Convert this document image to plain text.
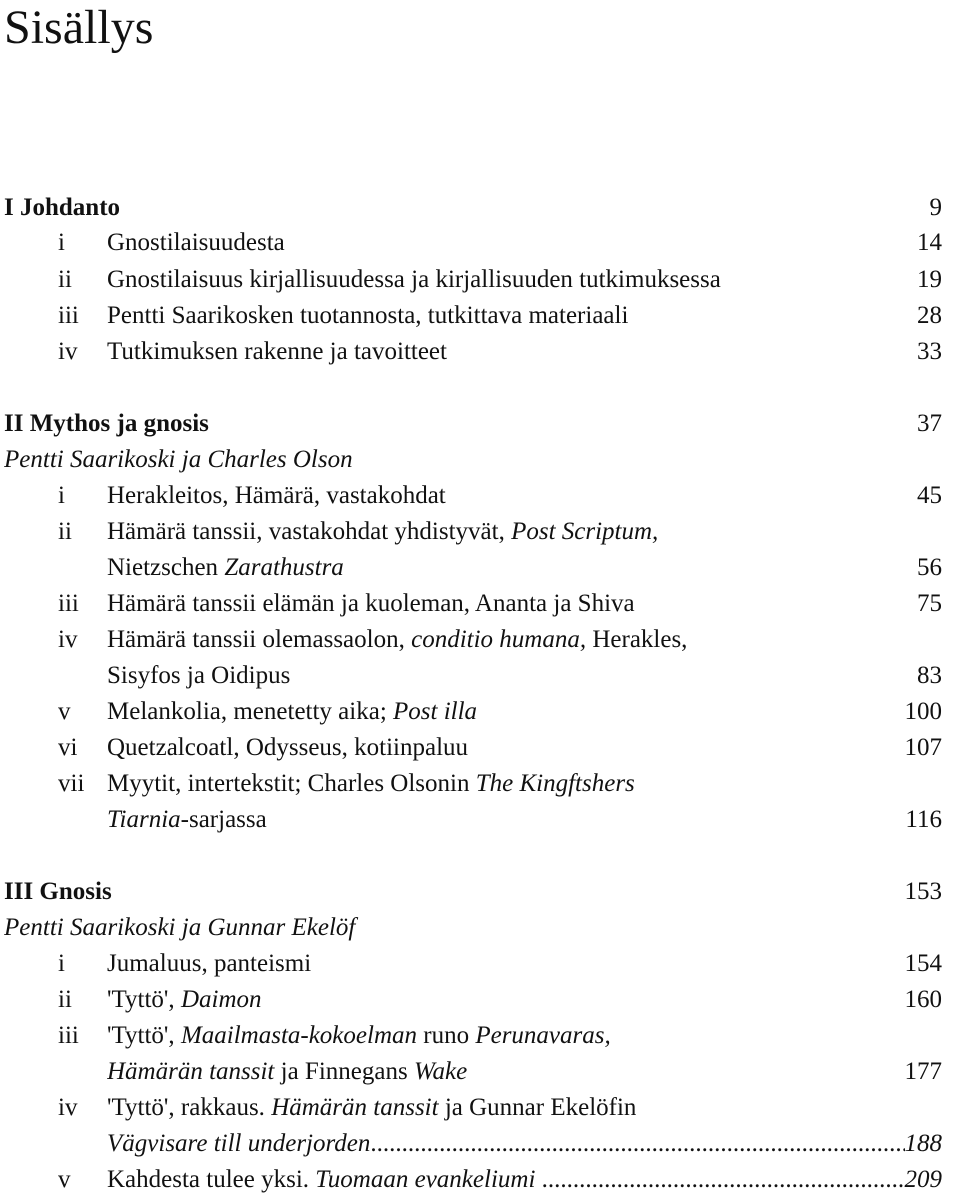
Sisällys
I Johdanto	9
i Gnostilaisuudesta	14
ii Gnostilaisuus kirjallisuudessa ja kirjallisuuden tutkimuksessa	19
iii Pentti Saarikosken tuotannosta, tutkittava materiaali	28
iv Tutkimuksen rakenne ja tavoitteet	33
II Mythos ja gnosis	37
Pentti Saarikoski ja Charles Olson
i Herakleitos, Hämärä, vastakohdat	45
ii Hämärä tanssii, vastakohdat yhdistyvät, Post Scriptum,
Nietzschen Zarathustra	56
iii Hämärä tanssii elämän ja kuoleman, Ananta ja Shiva	75
iv Hämärä tanssii olemassaolon, conditio humana, Herakles,
Sisyfos ja Oidipus	83
v Melankolia, menetetty aika; Post illa	100
vi Quetzalcoatl, Odysseus, kotiinpaluu	107
vii Myytit, intertekstit; Charles Olsonin The Kingftshers
Tiarnia-sarjassa	116
III Gnosis	153
Pentti Saarikoski ja Gunnar Ekelöf
i Jumaluus, panteismi	154
ii 'Tyttö', Daimon	160
iii 'Tyttö', Maailmasta-kokoelman runo Perunavaras,
Hämärän tanssit ja Finnegans Wake	177
iv 'Tyttö', rakkaus. Hämärän tanssit ja Gunnar Ekelöfin
Vägvisare till underjorden .....	188
v Kahdesta tulee yksi. Tuomaan evankeliumi .....	209
